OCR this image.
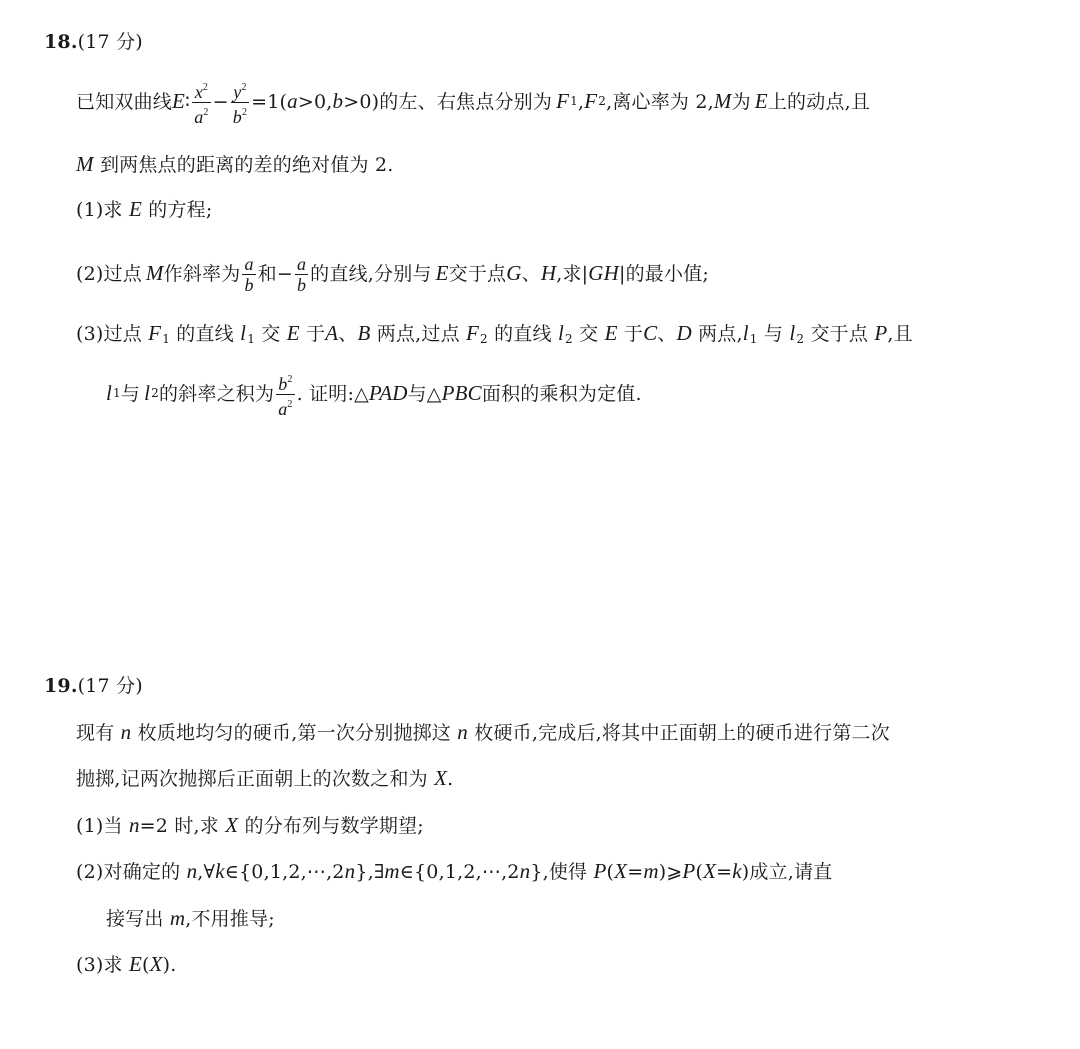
18.(17 分)
已知双曲线 E ∶ $\frac{x^2}{a^2} - \frac{y^2}{b^2} =1$( a >0, b >0)的左、右焦点分别为 F 1 , F 2 ,离心率为 2, M 为 E 上的动点,且
M 到两焦点的距离的差的绝对值为 2.
(1)求 E 的方程;
(2)过点 M 作斜率为 $\frac{a}{b}$ 和− $\frac{a}{b}$ 的直线,分别与 E 交于点 G 、 H ,求| GH |的最小值;
(3)过点 $F_1$ 的直线 $l_1$ 交 E 于A、B 两点,过点 $F_2$ 的直线 $l_2$ 交 E 于C、D 两点$,l_1$ 与 $l_2$ 交于点 P,且
l 1 与 l 2 的斜率之积为 $\frac{b^2}{a^2}$ . 证明:△ PAD 与△ PBC 面积的乘积为定值.
19.(17 分)
现有 n 枚质地均匀的硬币,第一次分别抛掷这 n 枚硬币,完成后,将其中正面朝上的硬币进行第二次
抛掷,记两次抛掷后正面朝上的次数之和为 X.
(1)当 n=2 时,求 X 的分布列与数学期望;
(2)对确定的 n,∀k∈{0,1,2,⋯,2n},∃m∈{0,1,2,⋯,2n},使得 P(X=m)⩾P(X=k)成立,请直
接写出 m,不用推导;
(3)求 E(X).
